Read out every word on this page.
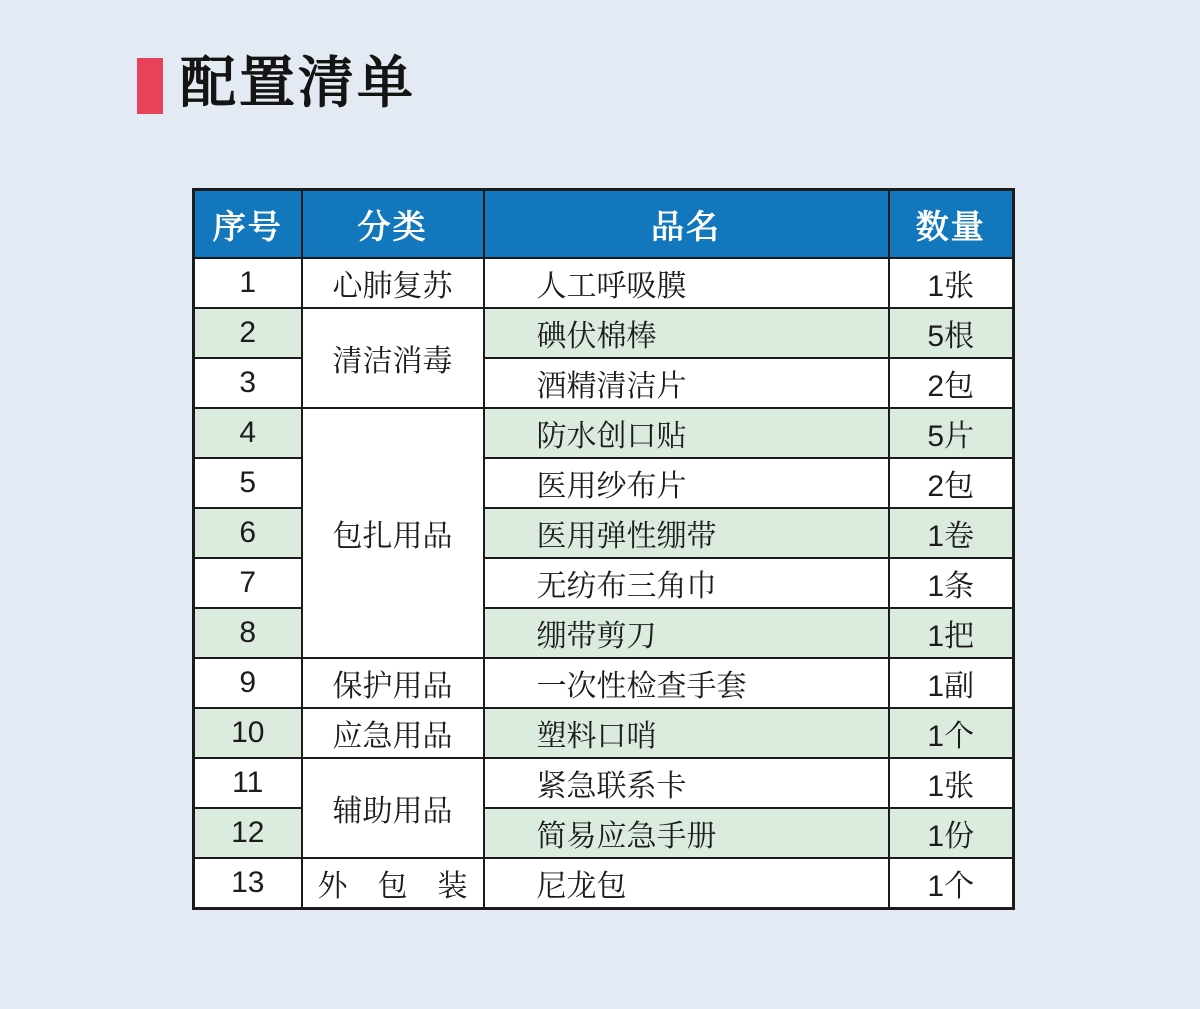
配置清单
序号	分类	品名	数量
1	心肺复苏	人工呼吸膜	1张
2	清洁消毒	碘伏棉棒	5根
3		酒精清洁片	2包
4	包扎用品	防水创口贴	5片
5		医用纱布片	2包
6		医用弹性绷带	1卷
7		无纺布三角巾	1条
8		绷带剪刀	1把
9	保护用品	一次性检查手套	1副
10	应急用品	塑料口哨	1个
11	辅助用品	紧急联系卡	1张
12		简易应急手册	1份
13	外　包　装	尼龙包	1个
